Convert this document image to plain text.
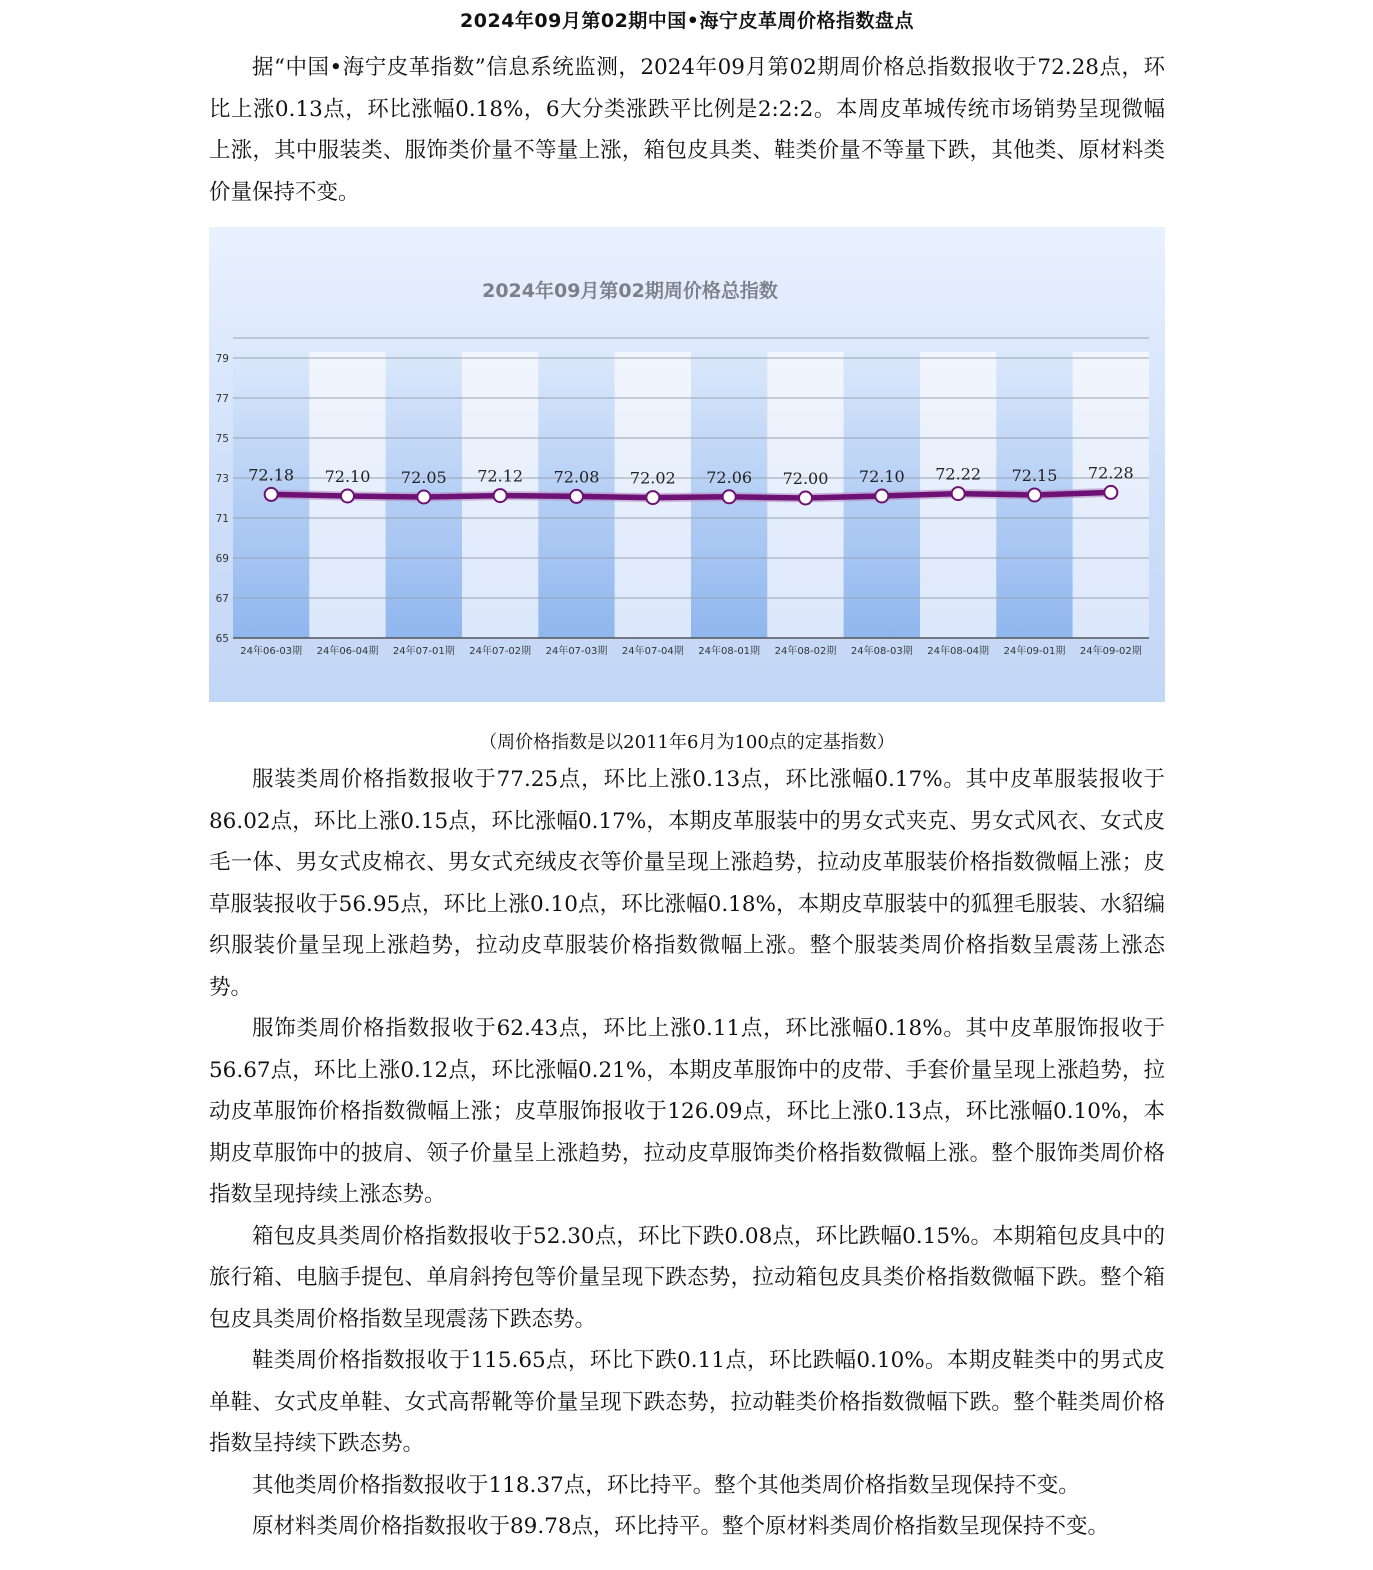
2024年09月第02期中国•海宁皮革周价格指数盘点

据“中国•海宁皮革指数”信息系统监测，2024年09月第02期周价格总指数报收于72.28点，环比上涨0.13点，环比涨幅0.18%，6大分类涨跌平比例是2:2:2。本周皮革城传统市场销势呈现微幅上涨，其中服装类、服饰类价量不等量上涨，箱包皮具类、鞋类价量不等量下跌，其他类、原材料类价量保持不变。

2024年09月第02期周价格总指数
65
67
69
71
73
75
77
79
24年06-03期 24年06-04期 24年07-01期 24年07-02期 24年07-03期 24年07-04期 24年08-01期 24年08-02期 24年08-03期 24年08-04期 24年09-01期 24年09-02期
72.18 72.10 72.05 72.12 72.08 72.02 72.06 72.00 72.10 72.22 72.15 72.28
（周价格指数是以2011年6月为100点的定基指数）

服装类周价格指数报收于77.25点，环比上涨0.13点，环比涨幅0.17%。其中皮革服装报收于86.02点，环比上涨0.15点，环比涨幅0.17%，本期皮革服装中的男女式夹克、男女式风衣、女式皮毛一体、男女式皮棉衣、男女式充绒皮衣等价量呈现上涨趋势，拉动皮革服装价格指数微幅上涨；皮草服装报收于56.95点，环比上涨0.10点，环比涨幅0.18%，本期皮草服装中的狐狸毛服装、水貂编织服装价量呈现上涨趋势，拉动皮草服装价格指数微幅上涨。整个服装类周价格指数呈震荡上涨态势。

服饰类周价格指数报收于62.43点，环比上涨0.11点，环比涨幅0.18%。其中皮革服饰报收于56.67点，环比上涨0.12点，环比涨幅0.21%，本期皮革服饰中的皮带、手套价量呈现上涨趋势，拉动皮革服饰价格指数微幅上涨；皮草服饰报收于126.09点，环比上涨0.13点，环比涨幅0.10%，本期皮草服饰中的披肩、领子价量呈上涨趋势，拉动皮草服饰类价格指数微幅上涨。整个服饰类周价格指数呈现持续上涨态势。

箱包皮具类周价格指数报收于52.30点，环比下跌0.08点，环比跌幅0.15%。本期箱包皮具中的旅行箱、电脑手提包、单肩斜挎包等价量呈现下跌态势，拉动箱包皮具类价格指数微幅下跌。整个箱包皮具类周价格指数呈现震荡下跌态势。

鞋类周价格指数报收于115.65点，环比下跌0.11点，环比跌幅0.10%。本期皮鞋类中的男式皮单鞋、女式皮单鞋、女式高帮靴等价量呈现下跌态势，拉动鞋类价格指数微幅下跌。整个鞋类周价格指数呈持续下跌态势。

其他类周价格指数报收于118.37点，环比持平。整个其他类周价格指数呈现保持不变。

原材料类周价格指数报收于89.78点，环比持平。整个原材料类周价格指数呈现保持不变。
